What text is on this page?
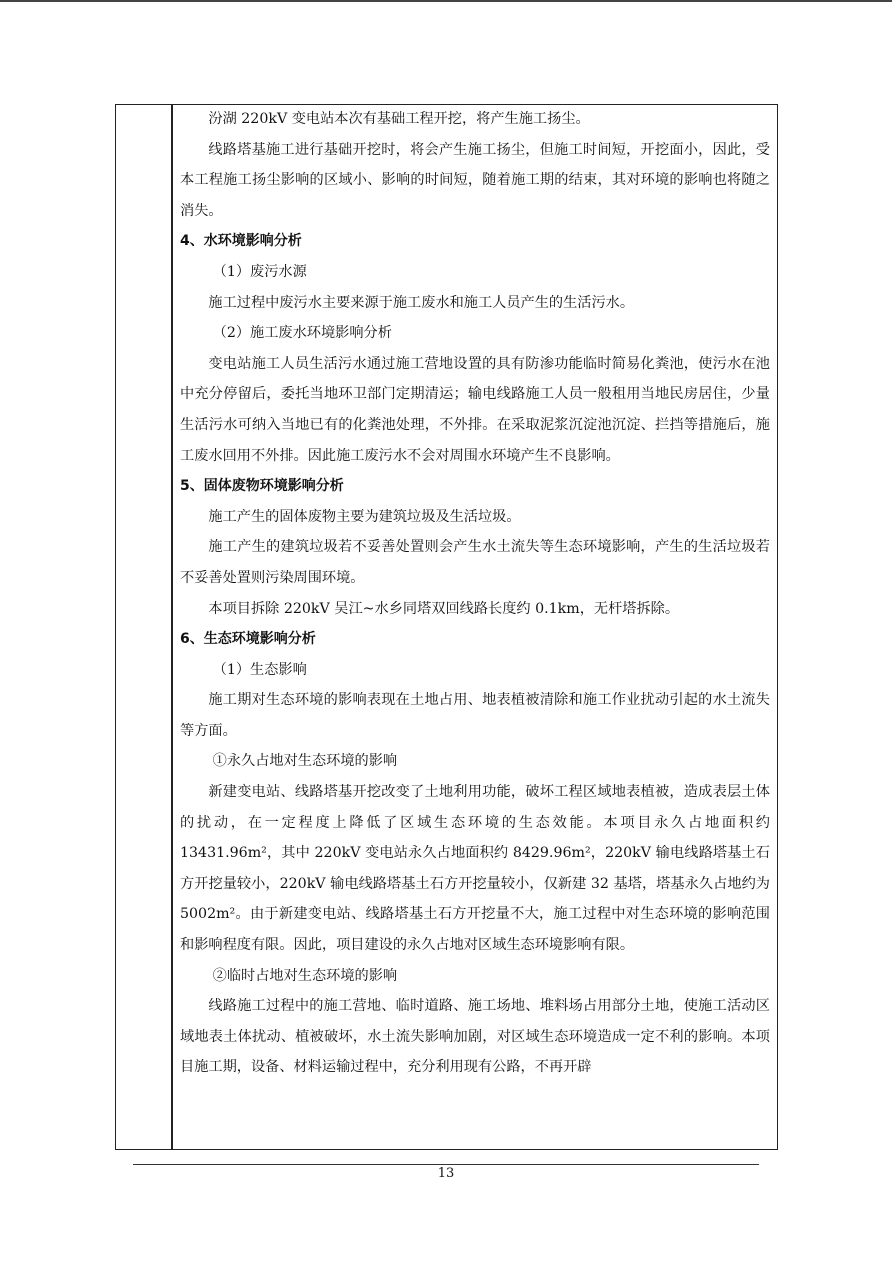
汾湖 220kV 变电站本次有基础工程开挖，将产生施工扬尘。

线路塔基施工进行基础开挖时，将会产生施工扬尘，但施工时间短，开挖面小，因此，受本工程施工扬尘影响的区域小、影响的时间短，随着施工期的结束，其对环境的影响也将随之消失。

4、水环境影响分析

（1）废污水源

施工过程中废污水主要来源于施工废水和施工人员产生的生活污水。

（2）施工废水环境影响分析

变电站施工人员生活污水通过施工营地设置的具有防渗功能临时简易化粪池，使污水在池中充分停留后，委托当地环卫部门定期清运；输电线路施工人员一般租用当地民房居住，少量生活污水可纳入当地已有的化粪池处理，不外排。在采取泥浆沉淀池沉淀、拦挡等措施后，施工废水回用不外排。因此施工废污水不会对周围水环境产生不良影响。

5、固体废物环境影响分析

施工产生的固体废物主要为建筑垃圾及生活垃圾。

施工产生的建筑垃圾若不妥善处置则会产生水土流失等生态环境影响，产生的生活垃圾若不妥善处置则污染周围环境。

本项目拆除 220kV 吴江~水乡同塔双回线路长度约 0.1km，无杆塔拆除。

6、生态环境影响分析

（1）生态影响

施工期对生态环境的影响表现在土地占用、地表植被清除和施工作业扰动引起的水土流失等方面。

①永久占地对生态环境的影响

新建变电站、线路塔基开挖改变了土地利用功能，破坏工程区域地表植被，造成表层土体的扰动，在一定程度上降低了区域生态环境的生态效能。本项目永久占地面积约 13431.96m²，其中 220kV 变电站永久占地面积约 8429.96m²，220kV 输电线路塔基土石方开挖量较小，220kV 输电线路塔基土石方开挖量较小，仅新建 32 基塔，塔基永久占地约为 5002m²。由于新建变电站、线路塔基土石方开挖量不大，施工过程中对生态环境的影响范围和影响程度有限。因此，项目建设的永久占地对区域生态环境影响有限。

②临时占地对生态环境的影响

线路施工过程中的施工营地、临时道路、施工场地、堆料场占用部分土地，使施工活动区域地表土体扰动、植被破坏，水土流失影响加剧，对区域生态环境造成一定不利的影响。本项目施工期，设备、材料运输过程中，充分利用现有公路，不再开辟

13
